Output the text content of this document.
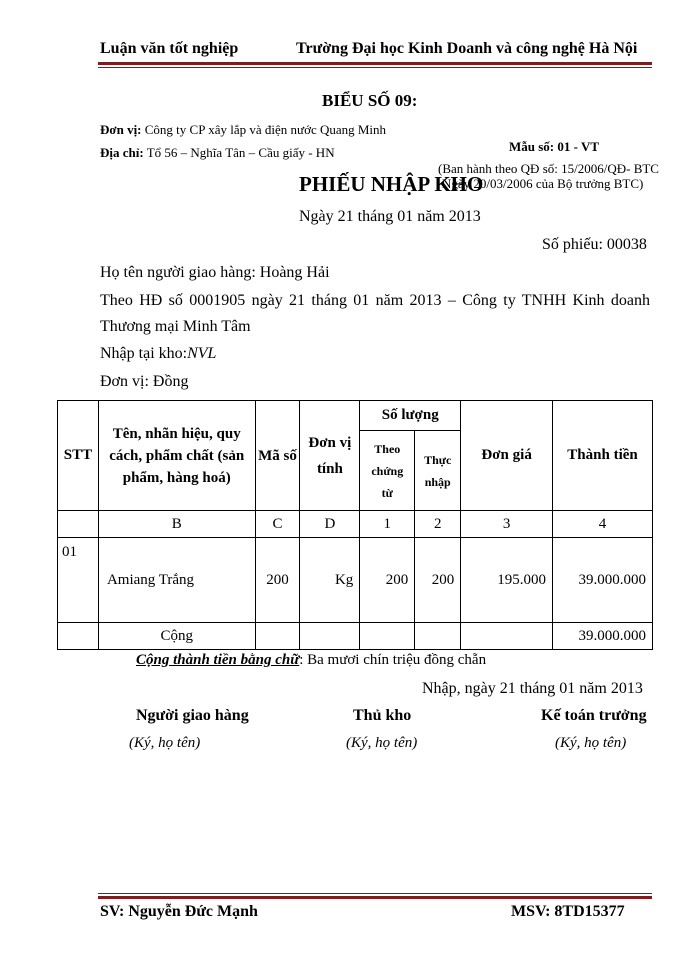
Luận văn tốt nghiệp	Trường Đại học Kinh Doanh và công nghệ Hà Nội
BIỂU SỐ 09:
Đơn vị: Công ty CP xây lắp và điện nước Quang Minh
Địa chỉ: Tổ 56 – Nghĩa Tân – Cầu giấy - HN	Mẫu số: 01 - VT
(Ban hành theo QĐ số: 15/2006/QĐ- BTC
Ngày 20/03/2006 của Bộ trưởng BTC)
PHIẾU NHẬP KHO
Ngày 21 tháng 01 năm 2013
Số phiếu: 00038
Họ tên người giao hàng: Hoàng Hải
Theo HĐ số 0001905 ngày 21 tháng 01 năm 2013 – Công ty TNHH Kinh doanh
Thương mại Minh Tâm
Nhập tại kho:NVL
Đơn vị: Đồng
STT	Tên, nhãn hiệu, quy cách, phẩm chất (sản phẩm, hàng hoá)	Mã số	Đơn vị tính	Số lượng		Đơn giá	Thành tiền
				Theo chứng từ	Thực nhập		
	B	C	D	1	2	3	4
01	Amiang Trắng	200	Kg	200	200	195.000	39.000.000
	Cộng						39.000.000
Cộng thành tiền bằng chữ: Ba mươi chín triệu đồng chẵn
Nhập, ngày 21 tháng 01 năm 2013
Người giao hàng	Thủ kho	Kế toán trưởng
(Ký, họ tên)	(Ký, họ tên)	(Ký, họ tên)
SV: Nguyễn Đức Mạnh	MSV: 8TD15377
